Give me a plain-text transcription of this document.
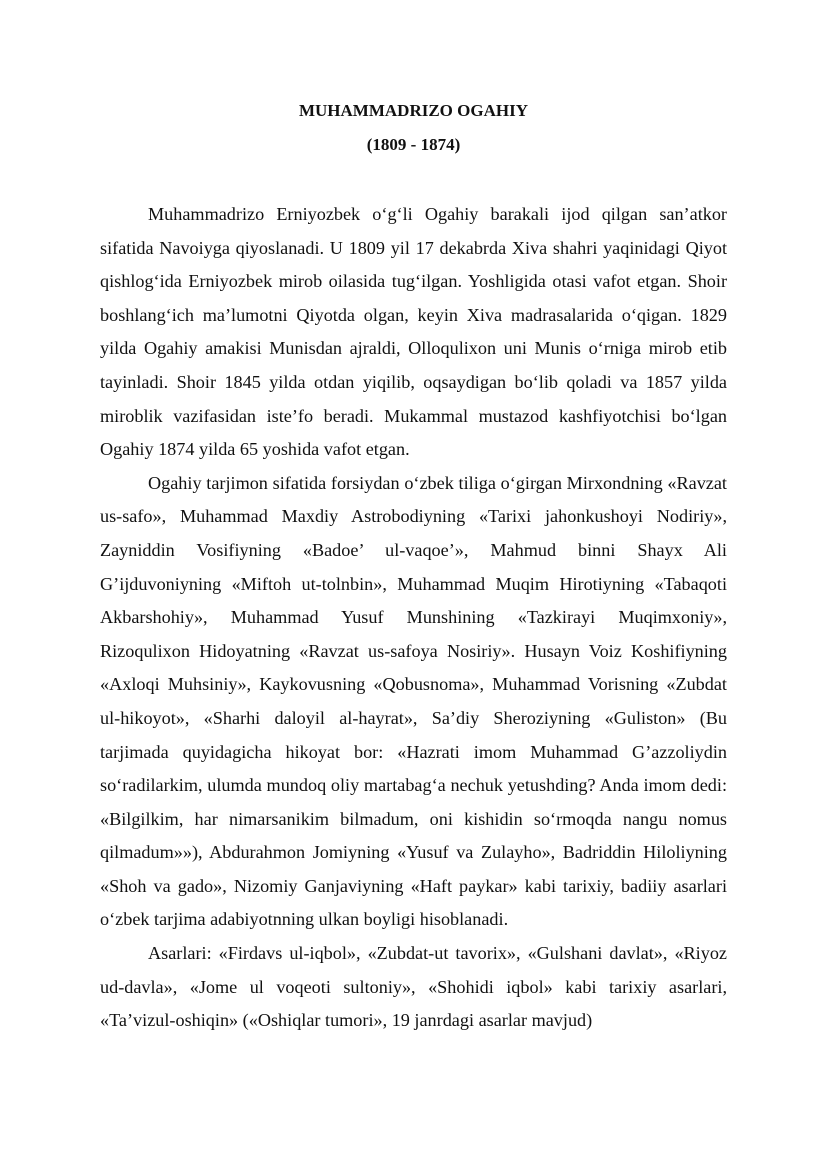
MUHAMMADRIZO OGAHIY
(1809 - 1874)

Muhammadrizo Erniyozbek o‘g‘li Ogahiy barakali ijod qilgan san’atkor sifatida Navoiyga qiyoslanadi. U 1809 yil 17 dekabrda Xiva shahri yaqinidagi Qiyot qishlog‘ida Erniyozbek mirob oilasida tug‘ilgan. Yoshligida otasi vafot etgan. Shoir boshlang‘ich ma’lumotni Qiyotda olgan, keyin Xiva madrasalarida o‘qigan. 1829 yilda Ogahiy amakisi Munisdan ajraldi, Olloqulixon uni Munis o‘rniga mirob etib tayinladi. Shoir 1845 yilda otdan yiqilib, oqsaydigan bo‘lib qoladi va 1857 yilda miroblik vazifasidan iste’fo beradi. Mukammal mustazod kashfiyotchisi bo‘lgan Ogahiy 1874 yilda 65 yoshida vafot etgan.

Ogahiy tarjimon sifatida forsiydan o‘zbek tiliga o‘girgan Mirxondning «Ravzat us-safo», Muhammad Maxdiy Astrobodiyning «Tarixi jahonkushoyi Nodiriy», Zayniddin Vosifiyning «Badoe’ ul-vaqoe’», Mahmud binni Shayx Ali G’ijduvoniyning «Miftoh ut-tolnbin», Muhammad Muqim Hirotiyning «Tabaqoti Akbarshohiy», Muhammad Yusuf Munshining «Tazkirayi Muqimxoniy», Rizoqulixon Hidoyatning «Ravzat us-safoya Nosiriy». Husayn Voiz Koshifiyning «Axloqi Muhsiniy», Kaykovusning «Qobusnoma», Muhammad Vorisning «Zubdat ul-hikoyot», «Sharhi daloyil al-hayrat», Sa’diy Sheroziyning «Guliston» (Bu tarjimada quyidagicha hikoyat bor: «Hazrati imom Muhammad G’azzoliydin so‘radilarkim, ulumda mundoq oliy martabag‘a nechuk yetushding? Anda imom dedi: «Bilgilkim, har nimarsanikim bilmadum, oni kishidin so‘rmoqda nangu nomus qilmadum»»), Abdurahmon Jomiyning «Yusuf va Zulayho», Badriddin Hiloliyning «Shoh va gado», Nizomiy Ganjaviyning «Haft paykar» kabi tarixiy, badiiy asarlari o‘zbek tarjima adabiyotnning ulkan boyligi hisoblanadi.

Asarlari: «Firdavs ul-iqbol», «Zubdat-ut tavorix», «Gulshani davlat», «Riyoz ud-davla», «Jome ul voqeoti sultoniy», «Shohidi iqbol» kabi tarixiy asarlari, «Ta’vizul-oshiqin» («Oshiqlar tumori», 19 janrdagi asarlar mavjud)
